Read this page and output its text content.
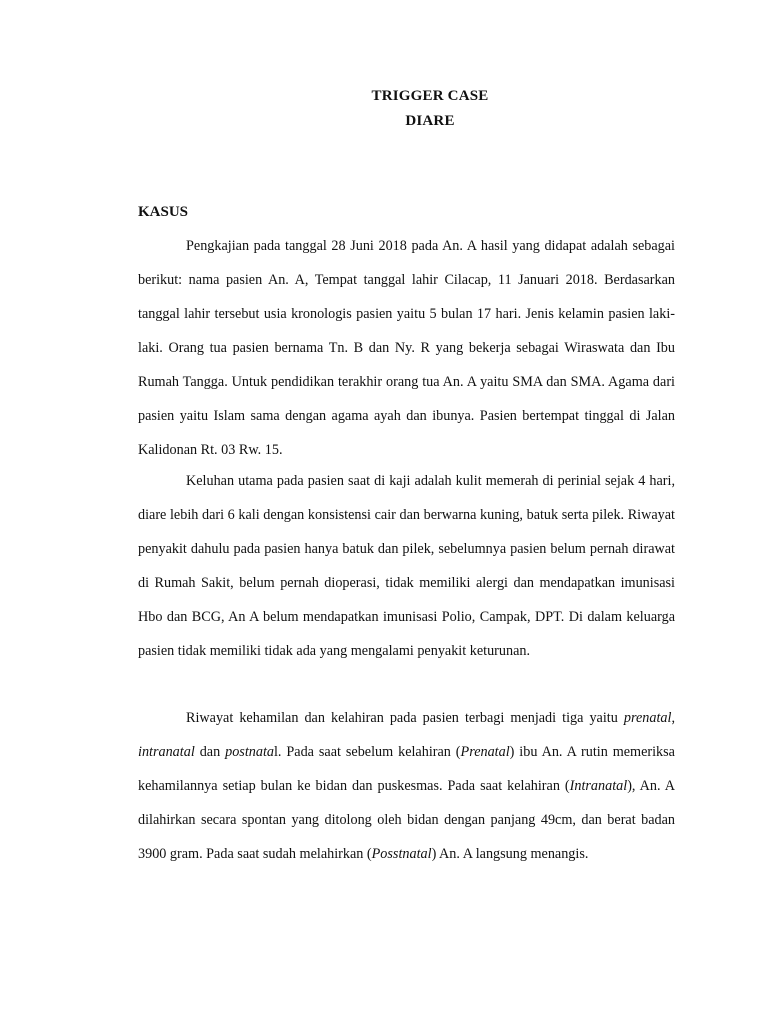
TRIGGER CASE
DIARE
KASUS

Pengkajian pada tanggal 28 Juni 2018 pada An. A hasil yang didapat adalah sebagai berikut: nama pasien An. A, Tempat tanggal lahir Cilacap, 11 Januari 2018. Berdasarkan tanggal lahir tersebut usia kronologis pasien yaitu 5 bulan 17 hari. Jenis kelamin pasien laki-laki. Orang tua pasien bernama Tn. B dan Ny. R yang bekerja sebagai Wiraswata dan Ibu Rumah Tangga. Untuk pendidikan terakhir orang tua An. A yaitu SMA dan SMA. Agama dari pasien yaitu Islam sama dengan agama ayah dan ibunya. Pasien bertempat tinggal di Jalan Kalidonan Rt. 03 Rw. 15.

Keluhan utama pada pasien saat di kaji adalah kulit memerah di perinial sejak 4 hari, diare lebih dari 6 kali dengan konsistensi cair dan berwarna kuning, batuk serta pilek. Riwayat penyakit dahulu pada pasien hanya batuk dan pilek, sebelumnya pasien belum pernah dirawat di Rumah Sakit, belum pernah dioperasi, tidak memiliki alergi dan mendapatkan imunisasi Hbo dan BCG, An A belum mendapatkan imunisasi Polio, Campak, DPT. Di dalam keluarga pasien tidak memiliki tidak ada yang mengalami penyakit keturunan.

Riwayat kehamilan dan kelahiran pada pasien terbagi menjadi tiga yaitu prenatal, intranatal dan postnatal. Pada saat sebelum kelahiran (Prenatal) ibu An. A rutin memeriksa kehamilannya setiap bulan ke bidan dan puskesmas. Pada saat kelahiran (Intranatal), An. A dilahirkan secara spontan yang ditolong oleh bidan dengan panjang 49cm, dan berat badan 3900 gram. Pada saat sudah melahirkan (Posstnatal) An. A langsung menangis.
